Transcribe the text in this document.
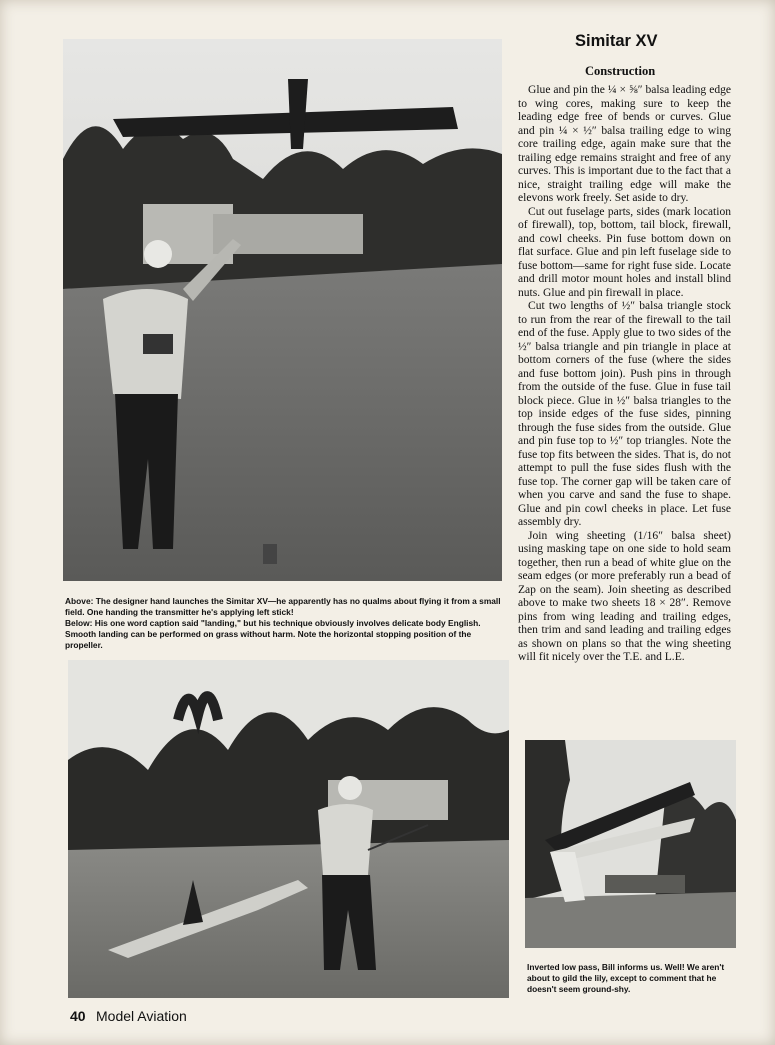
Above: The designer hand launches the Simitar XV—he apparently has no qualms about flying it from a small field. One handing the transmitter he's applying left stick!
Below: His one word caption said "landing," but his technique obviously involves delicate body English. Smooth landing can be performed on grass without harm. Note the horizontal stopping position of the propeller.
Inverted low pass, Bill informs us. Well! We aren't about to gild the lily, except to comment that he doesn't seem ground-shy.
Simitar XV
Construction

Glue and pin the ¼ × ⅝″ balsa leading edge to wing cores, making sure to keep the leading edge free of bends or curves. Glue and pin ¼ × ½″ balsa trailing edge to wing core trailing edge, again make sure that the trailing edge remains straight and free of any curves. This is important due to the fact that a nice, straight trailing edge will make the elevons work freely. Set aside to dry.

Cut out fuselage parts, sides (mark location of firewall), top, bottom, tail block, firewall, and cowl cheeks. Pin fuse bottom down on flat surface. Glue and pin left fuselage side to fuse bottom—same for right fuse side. Locate and drill motor mount holes and install blind nuts. Glue and pin firewall in place.

Cut two lengths of ½″ balsa triangle stock to run from the rear of the firewall to the tail end of the fuse. Apply glue to two sides of the ½″ balsa triangle and pin triangle in place at bottom corners of the fuse (where the sides and fuse bottom join). Push pins in through from the outside of the fuse. Glue in fuse tail block piece. Glue in ½″ balsa triangles to the top inside edges of the fuse sides, pinning through the fuse sides from the outside. Glue and pin fuse top to ½″ top triangles. Note the fuse top fits between the sides. That is, do not attempt to pull the fuse sides flush with the fuse top. The corner gap will be taken care of when you carve and sand the fuse to shape. Glue and pin cowl cheeks in place. Let fuse assembly dry.

Join wing sheeting (1/16″ balsa sheet) using masking tape on one side to hold seam together, then run a bead of white glue on the seam edges (or more preferably run a bead of Zap on the seam). Join sheeting as described above to make two sheets 18 × 28″. Remove pins from wing leading and trailing edges, then trim and sand leading and trailing edges as shown on plans so that the wing sheeting will fit nicely over the T.E. and L.E.

40 Model Aviation
